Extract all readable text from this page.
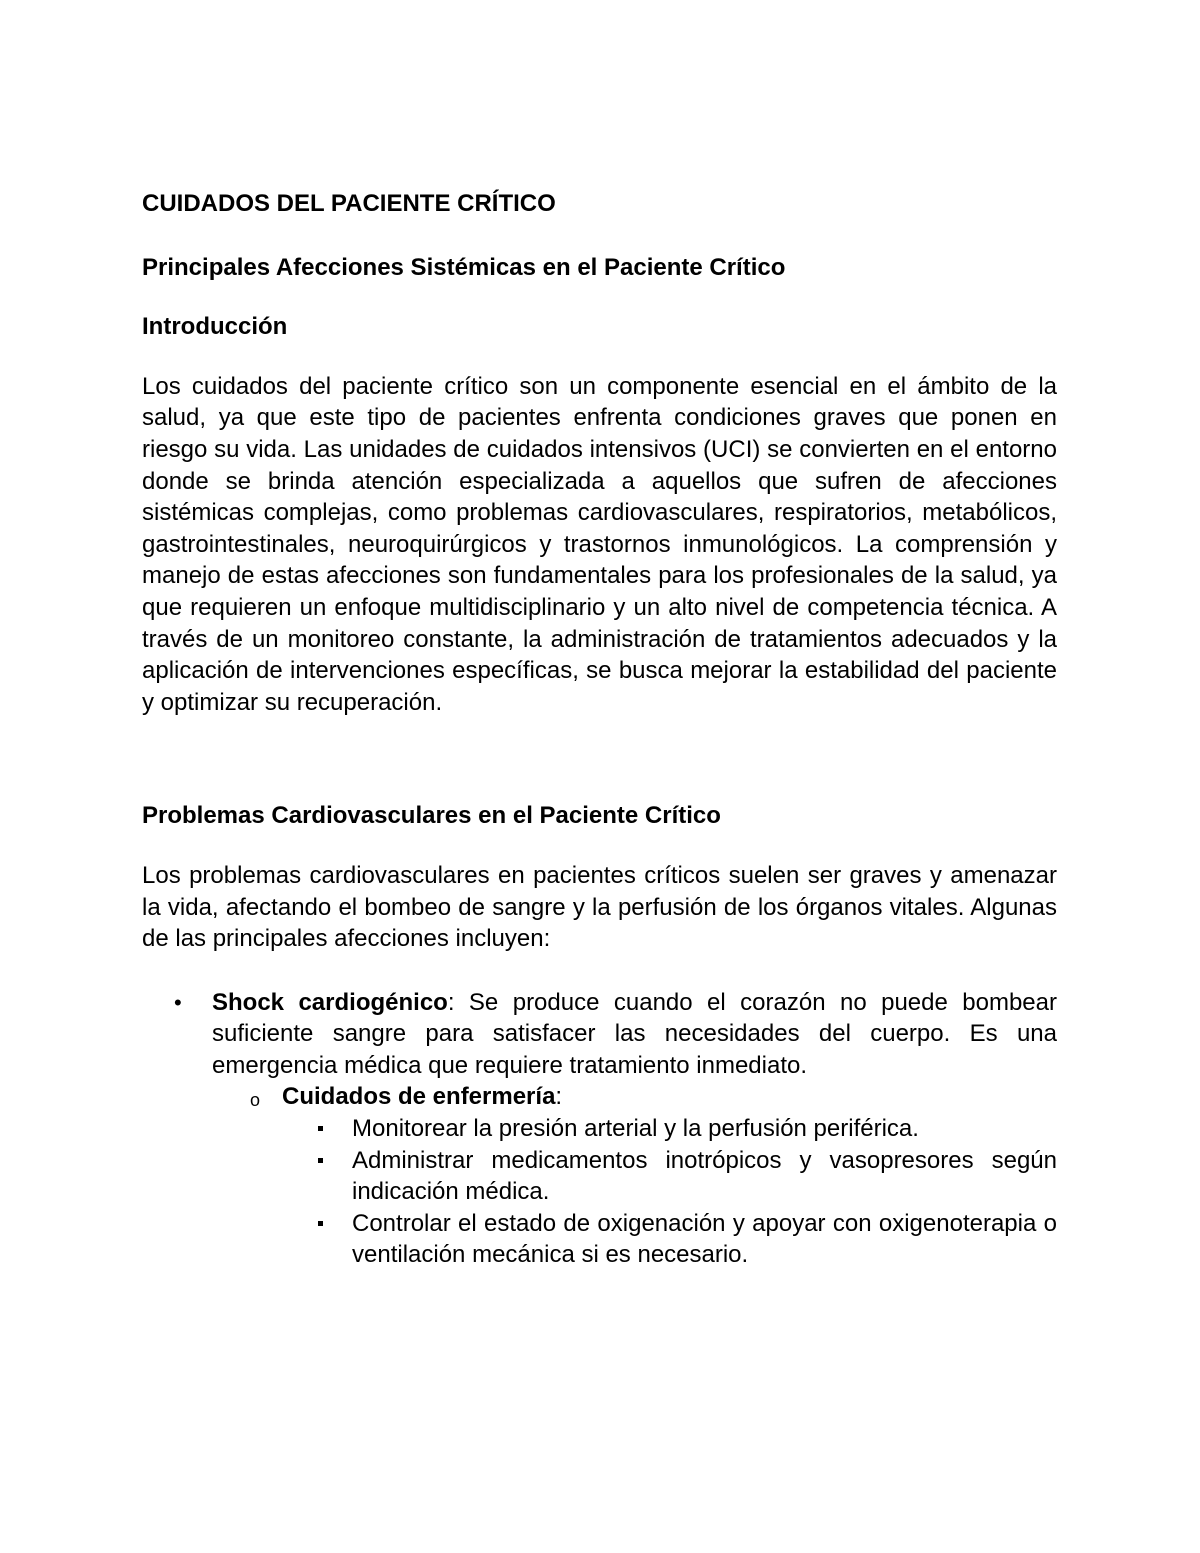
CUIDADOS DEL PACIENTE CRÍTICO

Principales Afecciones Sistémicas en el Paciente Crítico

Introducción

Los cuidados del paciente crítico son un componente esencial en el ámbito de la salud, ya que este tipo de pacientes enfrenta condiciones graves que ponen en riesgo su vida. Las unidades de cuidados intensivos (UCI) se convierten en el entorno donde se brinda atención especializada a aquellos que sufren de afecciones sistémicas complejas, como problemas cardiovasculares, respiratorios, metabólicos, gastrointestinales, neuroquirúrgicos y trastornos inmunológicos. La comprensión y manejo de estas afecciones son fundamentales para los profesionales de la salud, ya que requieren un enfoque multidisciplinario y un alto nivel de competencia técnica. A través de un monitoreo constante, la administración de tratamientos adecuados y la aplicación de intervenciones específicas, se busca mejorar la estabilidad del paciente y optimizar su recuperación.

Problemas Cardiovasculares en el Paciente Crítico

Los problemas cardiovasculares en pacientes críticos suelen ser graves y amenazar la vida, afectando el bombeo de sangre y la perfusión de los órganos vitales. Algunas de las principales afecciones incluyen:

• Shock cardiogénico: Se produce cuando el corazón no puede bombear suficiente sangre para satisfacer las necesidades del cuerpo. Es una emergencia médica que requiere tratamiento inmediato.
o Cuidados de enfermería:
Monitorear la presión arterial y la perfusión periférica.
Administrar medicamentos inotrópicos y vasopresores según indicación médica.
Controlar el estado de oxigenación y apoyar con oxigenoterapia o ventilación mecánica si es necesario.
